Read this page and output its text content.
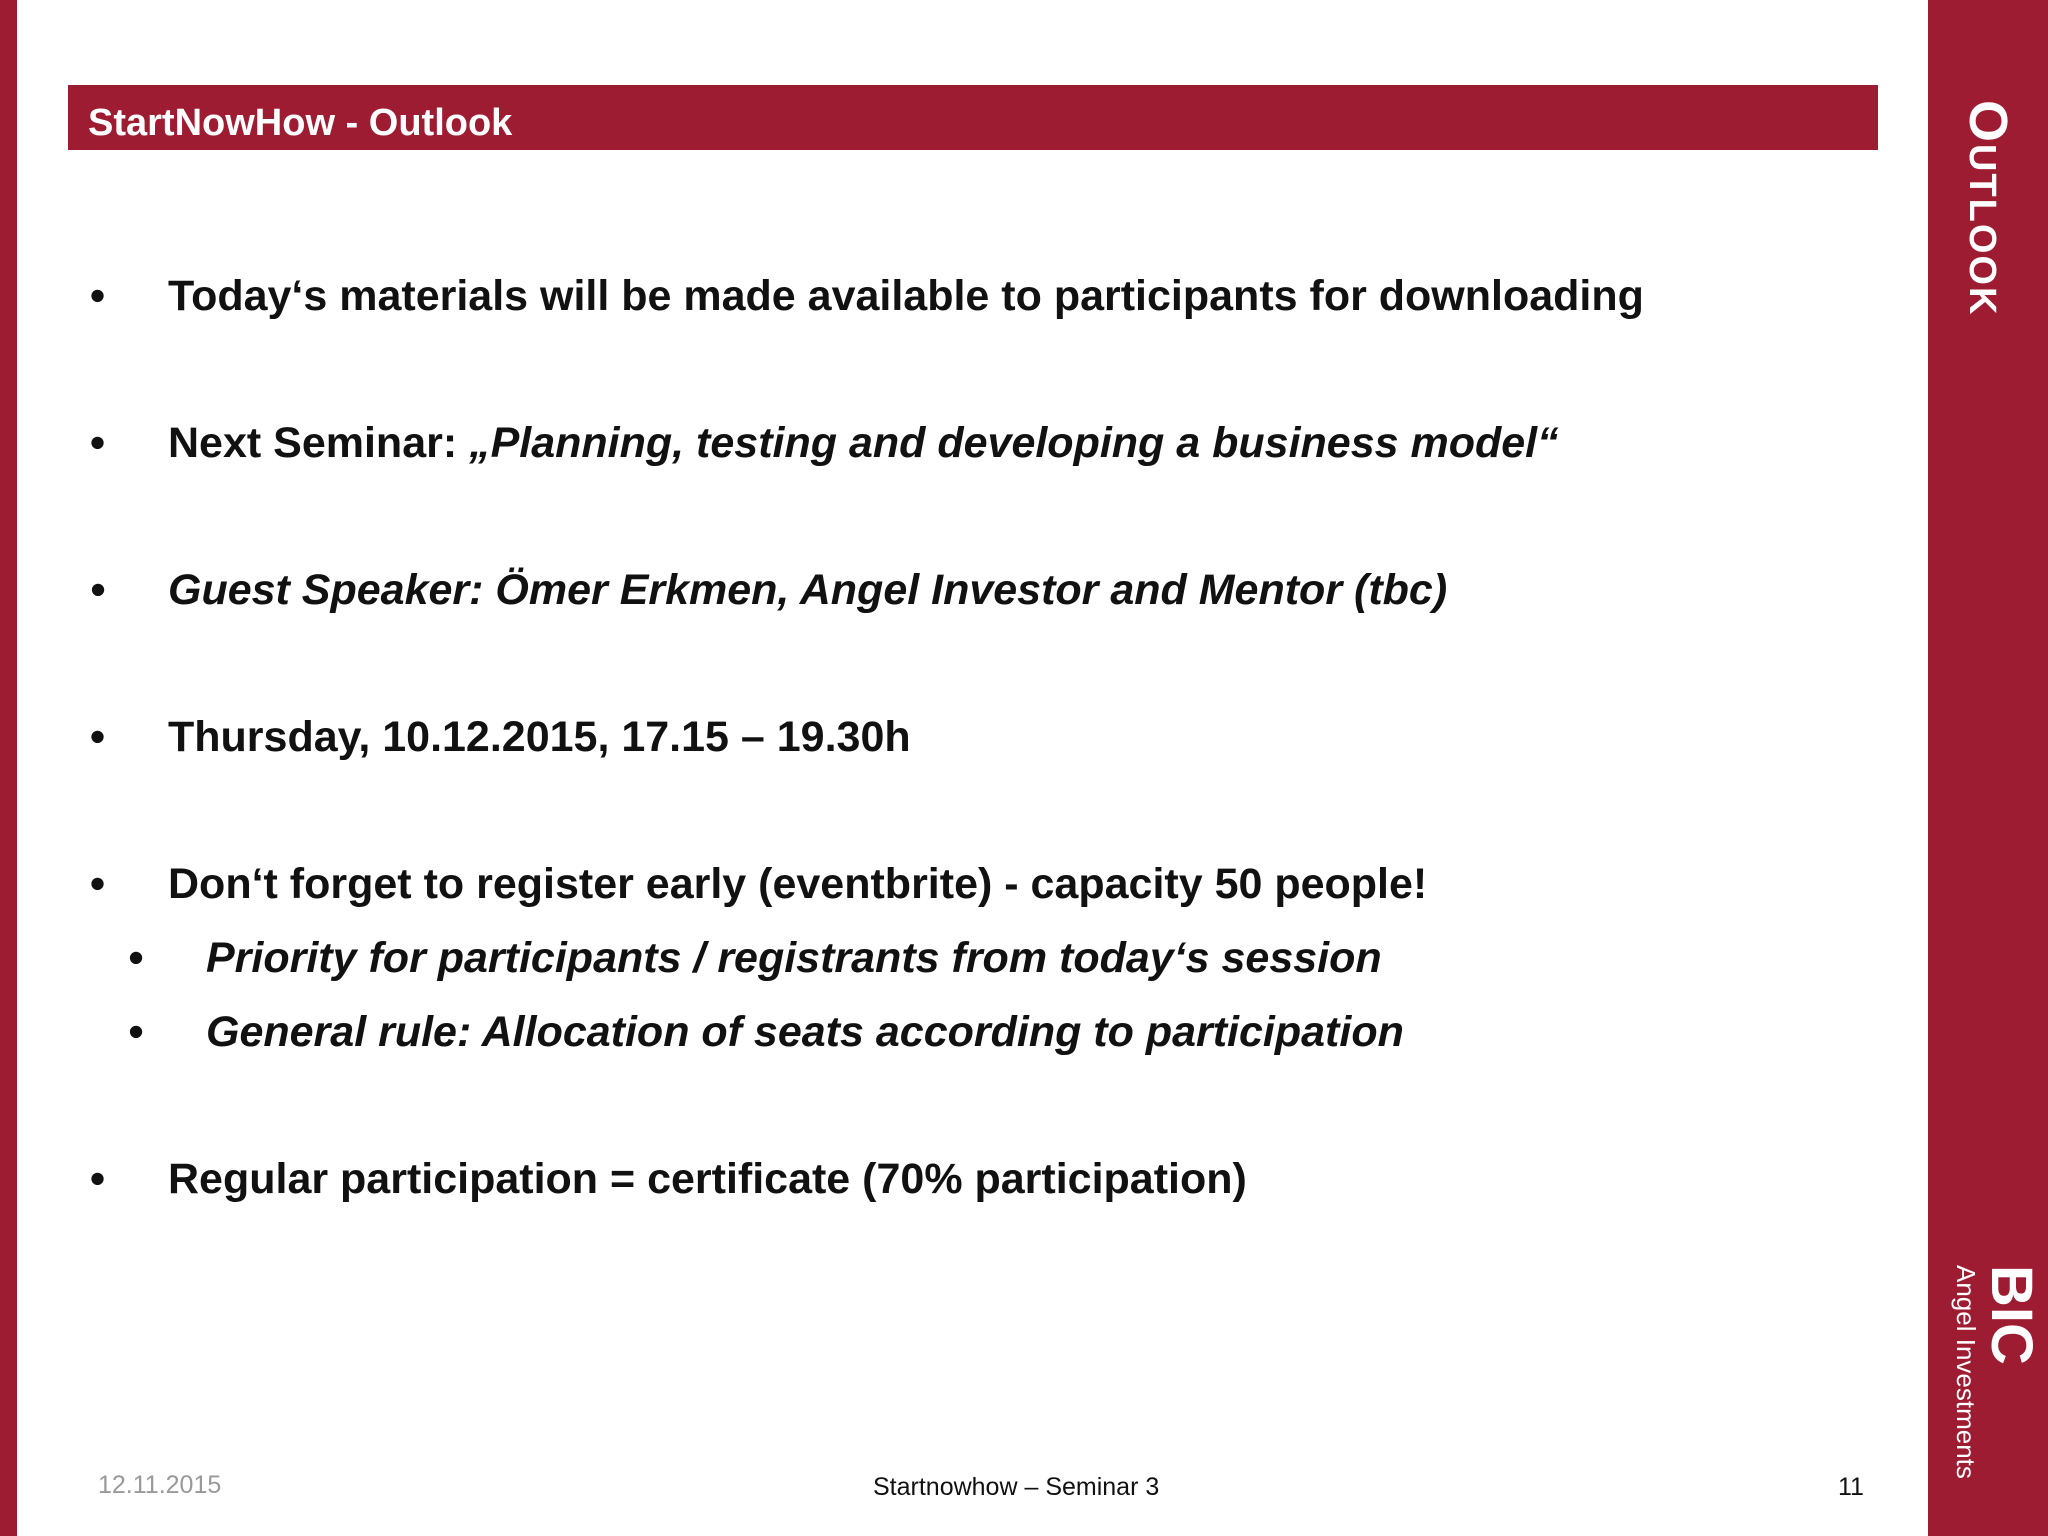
Outlook
BIC
Angel Investments
StartNowHow - Outlook
• Today‘s materials will be made available to participants for downloading
• Next Seminar: „Planning, testing and developing a business model“
• Guest Speaker: Ömer Erkmen, Angel Investor and Mentor (tbc)
• Thursday, 10.12.2015, 17.15 – 19.30h
• Don‘t forget to register early (eventbrite) - capacity 50 people!
• Priority for participants / registrants from today‘s session
• General rule: Allocation of seats according to participation
• Regular participation = certificate (70% participation)
12.11.2015	Startnowhow – Seminar 3	11
